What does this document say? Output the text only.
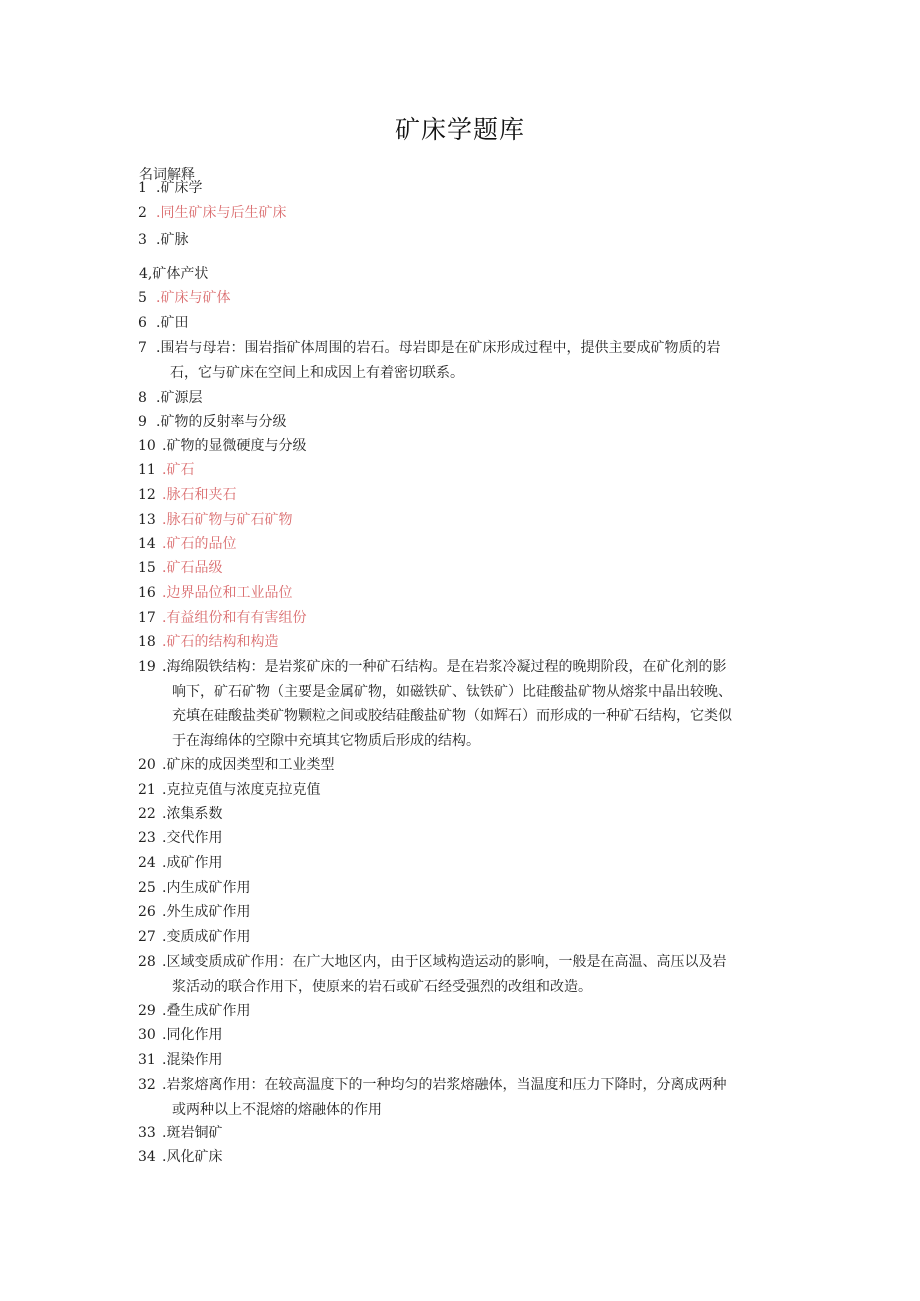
矿床学题库
名词解释
1 .矿床学
2 .同生矿床与后生矿床
3 .矿脉
4,矿体产状
5 .矿床与矿体
6 .矿田
7 .围岩与母岩：围岩指矿体周围的岩石。母岩即是在矿床形成过程中，提供主要成矿物质的岩
石，它与矿床在空间上和成因上有着密切联系。
8 .矿源层
9 .矿物的反射率与分级
10 .矿物的显微硬度与分级
11 .矿石
12 .脉石和夹石
13 .脉石矿物与矿石矿物
14 .矿石的品位
15 .矿石品级
16 .边界品位和工业品位
17 .有益组份和有有害组份
18 .矿石的结构和构造
19 .海绵陨铁结构：是岩浆矿床的一种矿石结构。是在岩浆冷凝过程的晚期阶段，在矿化剂的影
响下，矿石矿物（主要是金属矿物，如磁铁矿、钛铁矿）比硅酸盐矿物从熔浆中晶出较晚、
充填在硅酸盐类矿物颗粒之间或胶结硅酸盐矿物（如辉石）而形成的一种矿石结构，它类似
于在海绵体的空隙中充填其它物质后形成的结构。
20 .矿床的成因类型和工业类型
21 .克拉克值与浓度克拉克值
22 .浓集系数
23 .交代作用
24 .成矿作用
25 .内生成矿作用
26 .外生成矿作用
27 .变质成矿作用
28 .区域变质成矿作用：在广大地区内，由于区域构造运动的影响，一般是在高温、高压以及岩
浆活动的联合作用下，使原来的岩石或矿石经受强烈的改组和改造。
29 .叠生成矿作用
30 .同化作用
31 .混染作用
32 .岩浆熔离作用：在较高温度下的一种均匀的岩浆熔融体，当温度和压力下降时，分离成两种
或两种以上不混熔的熔融体的作用
33 .斑岩铜矿
34 .风化矿床
